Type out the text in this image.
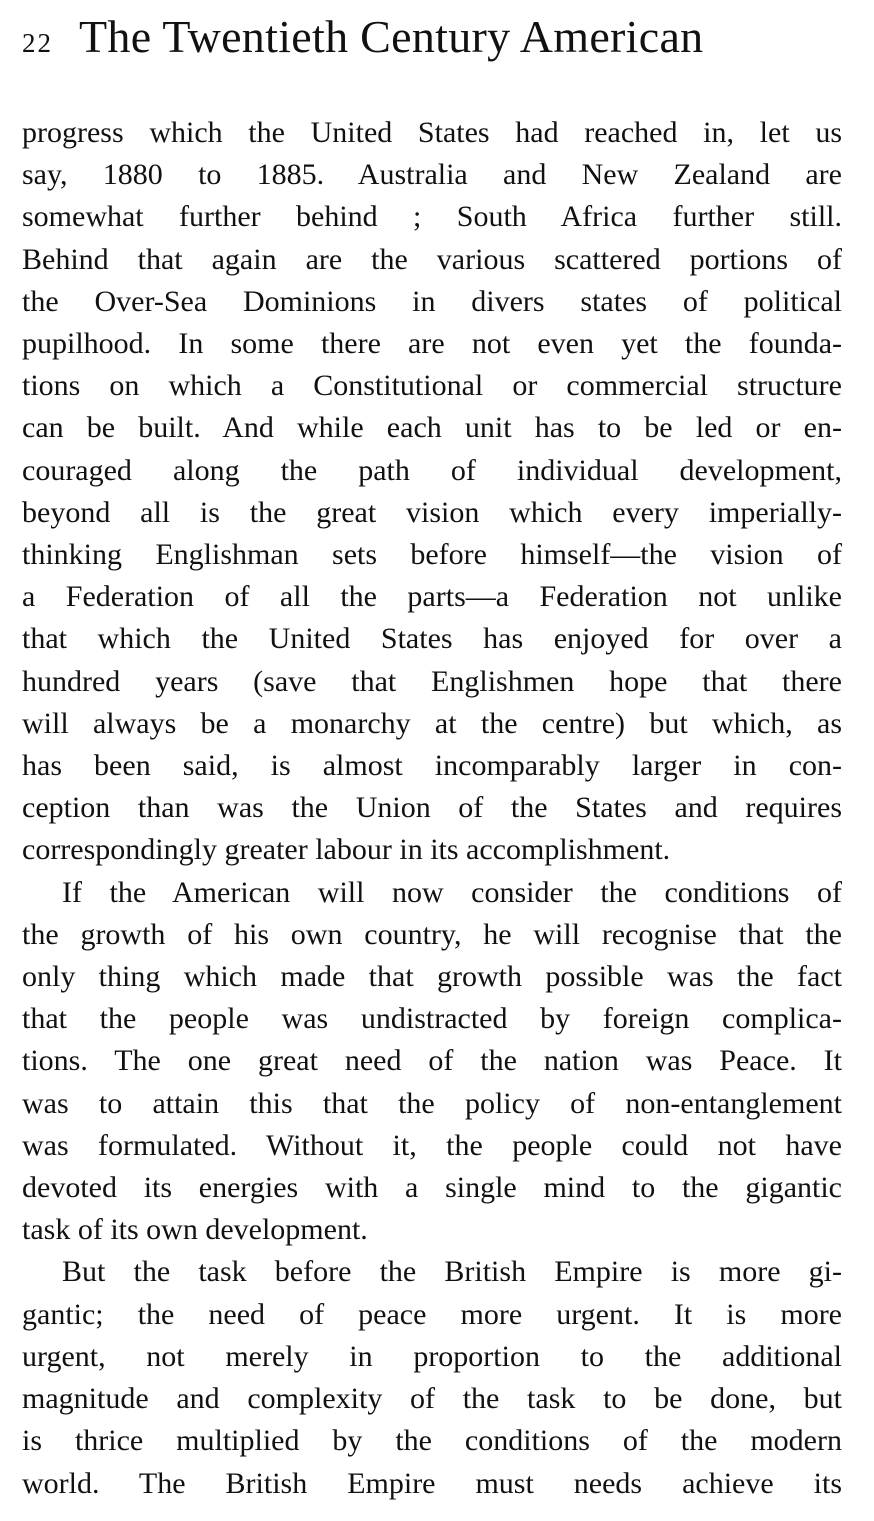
22 The Twentieth Century American
progress which the United States had reached in, let us
say, 1880 to 1885. Australia and New Zealand are
somewhat further behind ; South Africa further still.
Behind that again are the various scattered portions of
the Over-Sea Dominions in divers states of political
pupilhood. In some there are not even yet the founda-
tions on which a Constitutional or commercial structure
can be built. And while each unit has to be led or en-
couraged along the path of individual development,
beyond all is the great vision which every imperially-
thinking Englishman sets before himself—the vision of
a Federation of all the parts—a Federation not unlike
that which the United States has enjoyed for over a
hundred years (save that Englishmen hope that there
will always be a monarchy at the centre) but which, as
has been said, is almost incomparably larger in con-
ception than was the Union of the States and requires
correspondingly greater labour in its accomplishment.
If the American will now consider the conditions of
the growth of his own country, he will recognise that the
only thing which made that growth possible was the fact
that the people was undistracted by foreign complica-
tions. The one great need of the nation was Peace. It
was to attain this that the policy of non-entanglement
was formulated. Without it, the people could not have
devoted its energies with a single mind to the gigantic
task of its own development.
But the task before the British Empire is more gi-
gantic; the need of peace more urgent. It is more
urgent, not merely in proportion to the additional
magnitude and complexity of the task to be done, but
is thrice multiplied by the conditions of the modern
world. The British Empire must needs achieve its
